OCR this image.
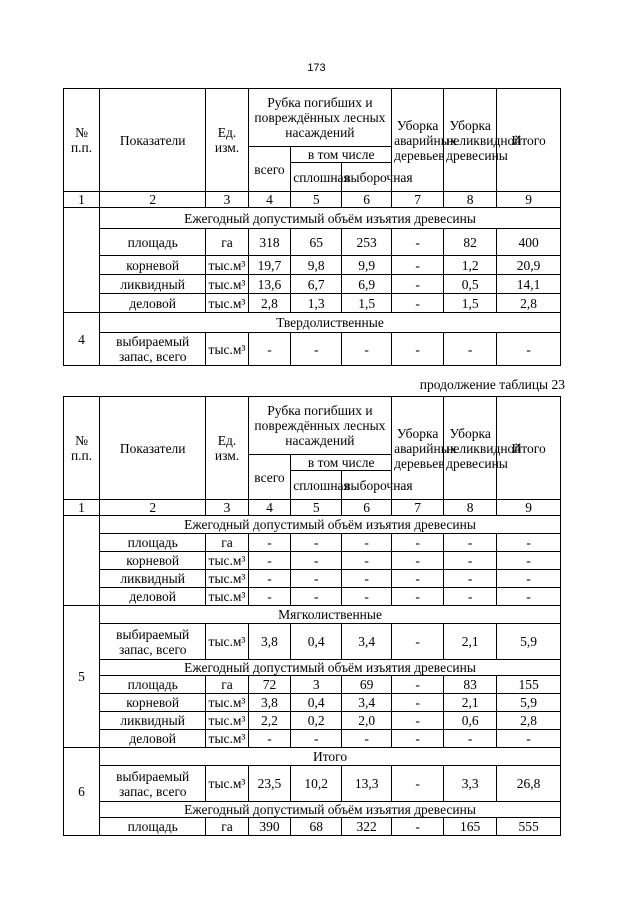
173
продолжение таблицы 23
№ п.п.	Показатели	Ед. изм.	Рубка погибших и повреждённых лесных насаждений			Уборка аварийных деревьев	Уборка неликвидной древесины	Итого
			всего	в том числе				
				сплошная	выборочная			
1	2	3	4	5	6	7	8	9
	Ежегодный допустимый объём изъятия древесины							
	площадь	га	318	65	253	-	82	400
	корневой	тыс.м³	19,7	9,8	9,9	-	1,2	20,9
	ликвидный	тыс.м³	13,6	6,7	6,9	-	0,5	14,1
	деловой	тыс.м³	2,8	1,3	1,5	-	1,5	2,8
4	Твердолиственные							
	выбираемый запас, всего	тыс.м³	-	-	-	-	-	-
№ п.п.	Показатели	Ед. изм.	Рубка погибших и повреждённых лесных насаждений			Уборка аварийных деревьев	Уборка неликвидной древесины	Итого
			всего	в том числе				
				сплошная	выборочная			
1	2	3	4	5	6	7	8	9
	Ежегодный допустимый объём изъятия древесины							
	площадь	га	-	-	-	-	-	-
	корневой	тыс.м³	-	-	-	-	-	-
	ликвидный	тыс.м³	-	-	-	-	-	-
	деловой	тыс.м³	-	-	-	-	-	-
5	Мягколиственные							
	выбираемый запас, всего	тыс.м³	3,8	0,4	3,4	-	2,1	5,9
	Ежегодный допустимый объём изъятия древесины							
	площадь	га	72	3	69	-	83	155
	корневой	тыс.м³	3,8	0,4	3,4	-	2,1	5,9
	ликвидный	тыс.м³	2,2	0,2	2,0	-	0,6	2,8
	деловой	тыс.м³	-	-	-	-	-	-
6	Итого							
	выбираемый запас, всего	тыс.м³	23,5	10,2	13,3	-	3,3	26,8
	Ежегодный допустимый объём изъятия древесины							
	площадь	га	390	68	322	-	165	555
